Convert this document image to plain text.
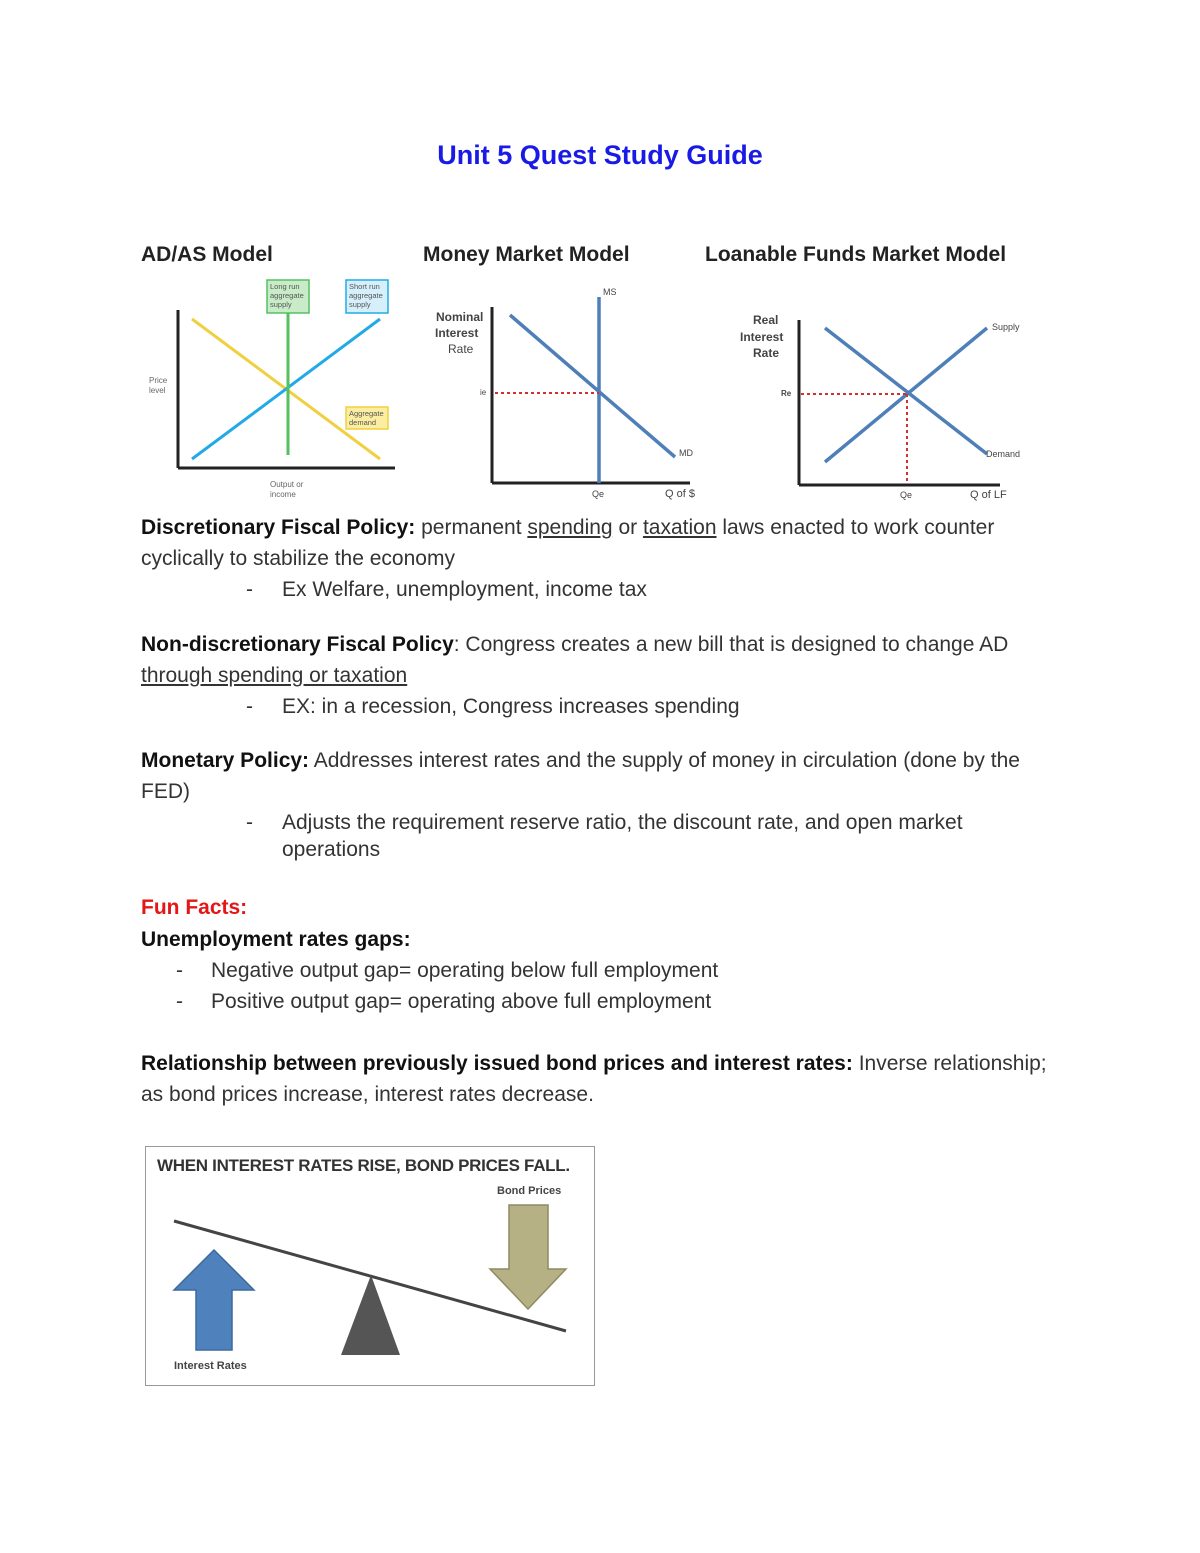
Unit 5 Quest Study Guide
AD/AS Model	Money Market Model	Loanable Funds Market Model
Long run
aggregate
supply
Short run
aggregate
supply
Aggregate
demand
Price
level
Output or
income
Nominal
Interest
Rate
MS
MD
ie
Qe	Q of $
Real
Interest
Rate
Supply
Demand
Re
Qe	Q of LF
Discretionary Fiscal Policy: permanent spending or taxation laws enacted to work counter cyclically to stabilize the economy
- Ex Welfare, unemployment, income tax
Non-discretionary Fiscal Policy: Congress creates a new bill that is designed to change AD through spending or taxation
- EX: in a recession, Congress increases spending
Monetary Policy: Addresses interest rates and the supply of money in circulation (done by the FED)
- Adjusts the requirement reserve ratio, the discount rate, and open market
operations
Fun Facts:
Unemployment rates gaps:
- Negative output gap= operating below full employment
- Positive output gap= operating above full employment
Relationship between previously issued bond prices and interest rates: Inverse relationship; as bond prices increase, interest rates decrease.
WHEN INTEREST RATES RISE, BOND PRICES FALL.
Bond Prices
Interest Rates
